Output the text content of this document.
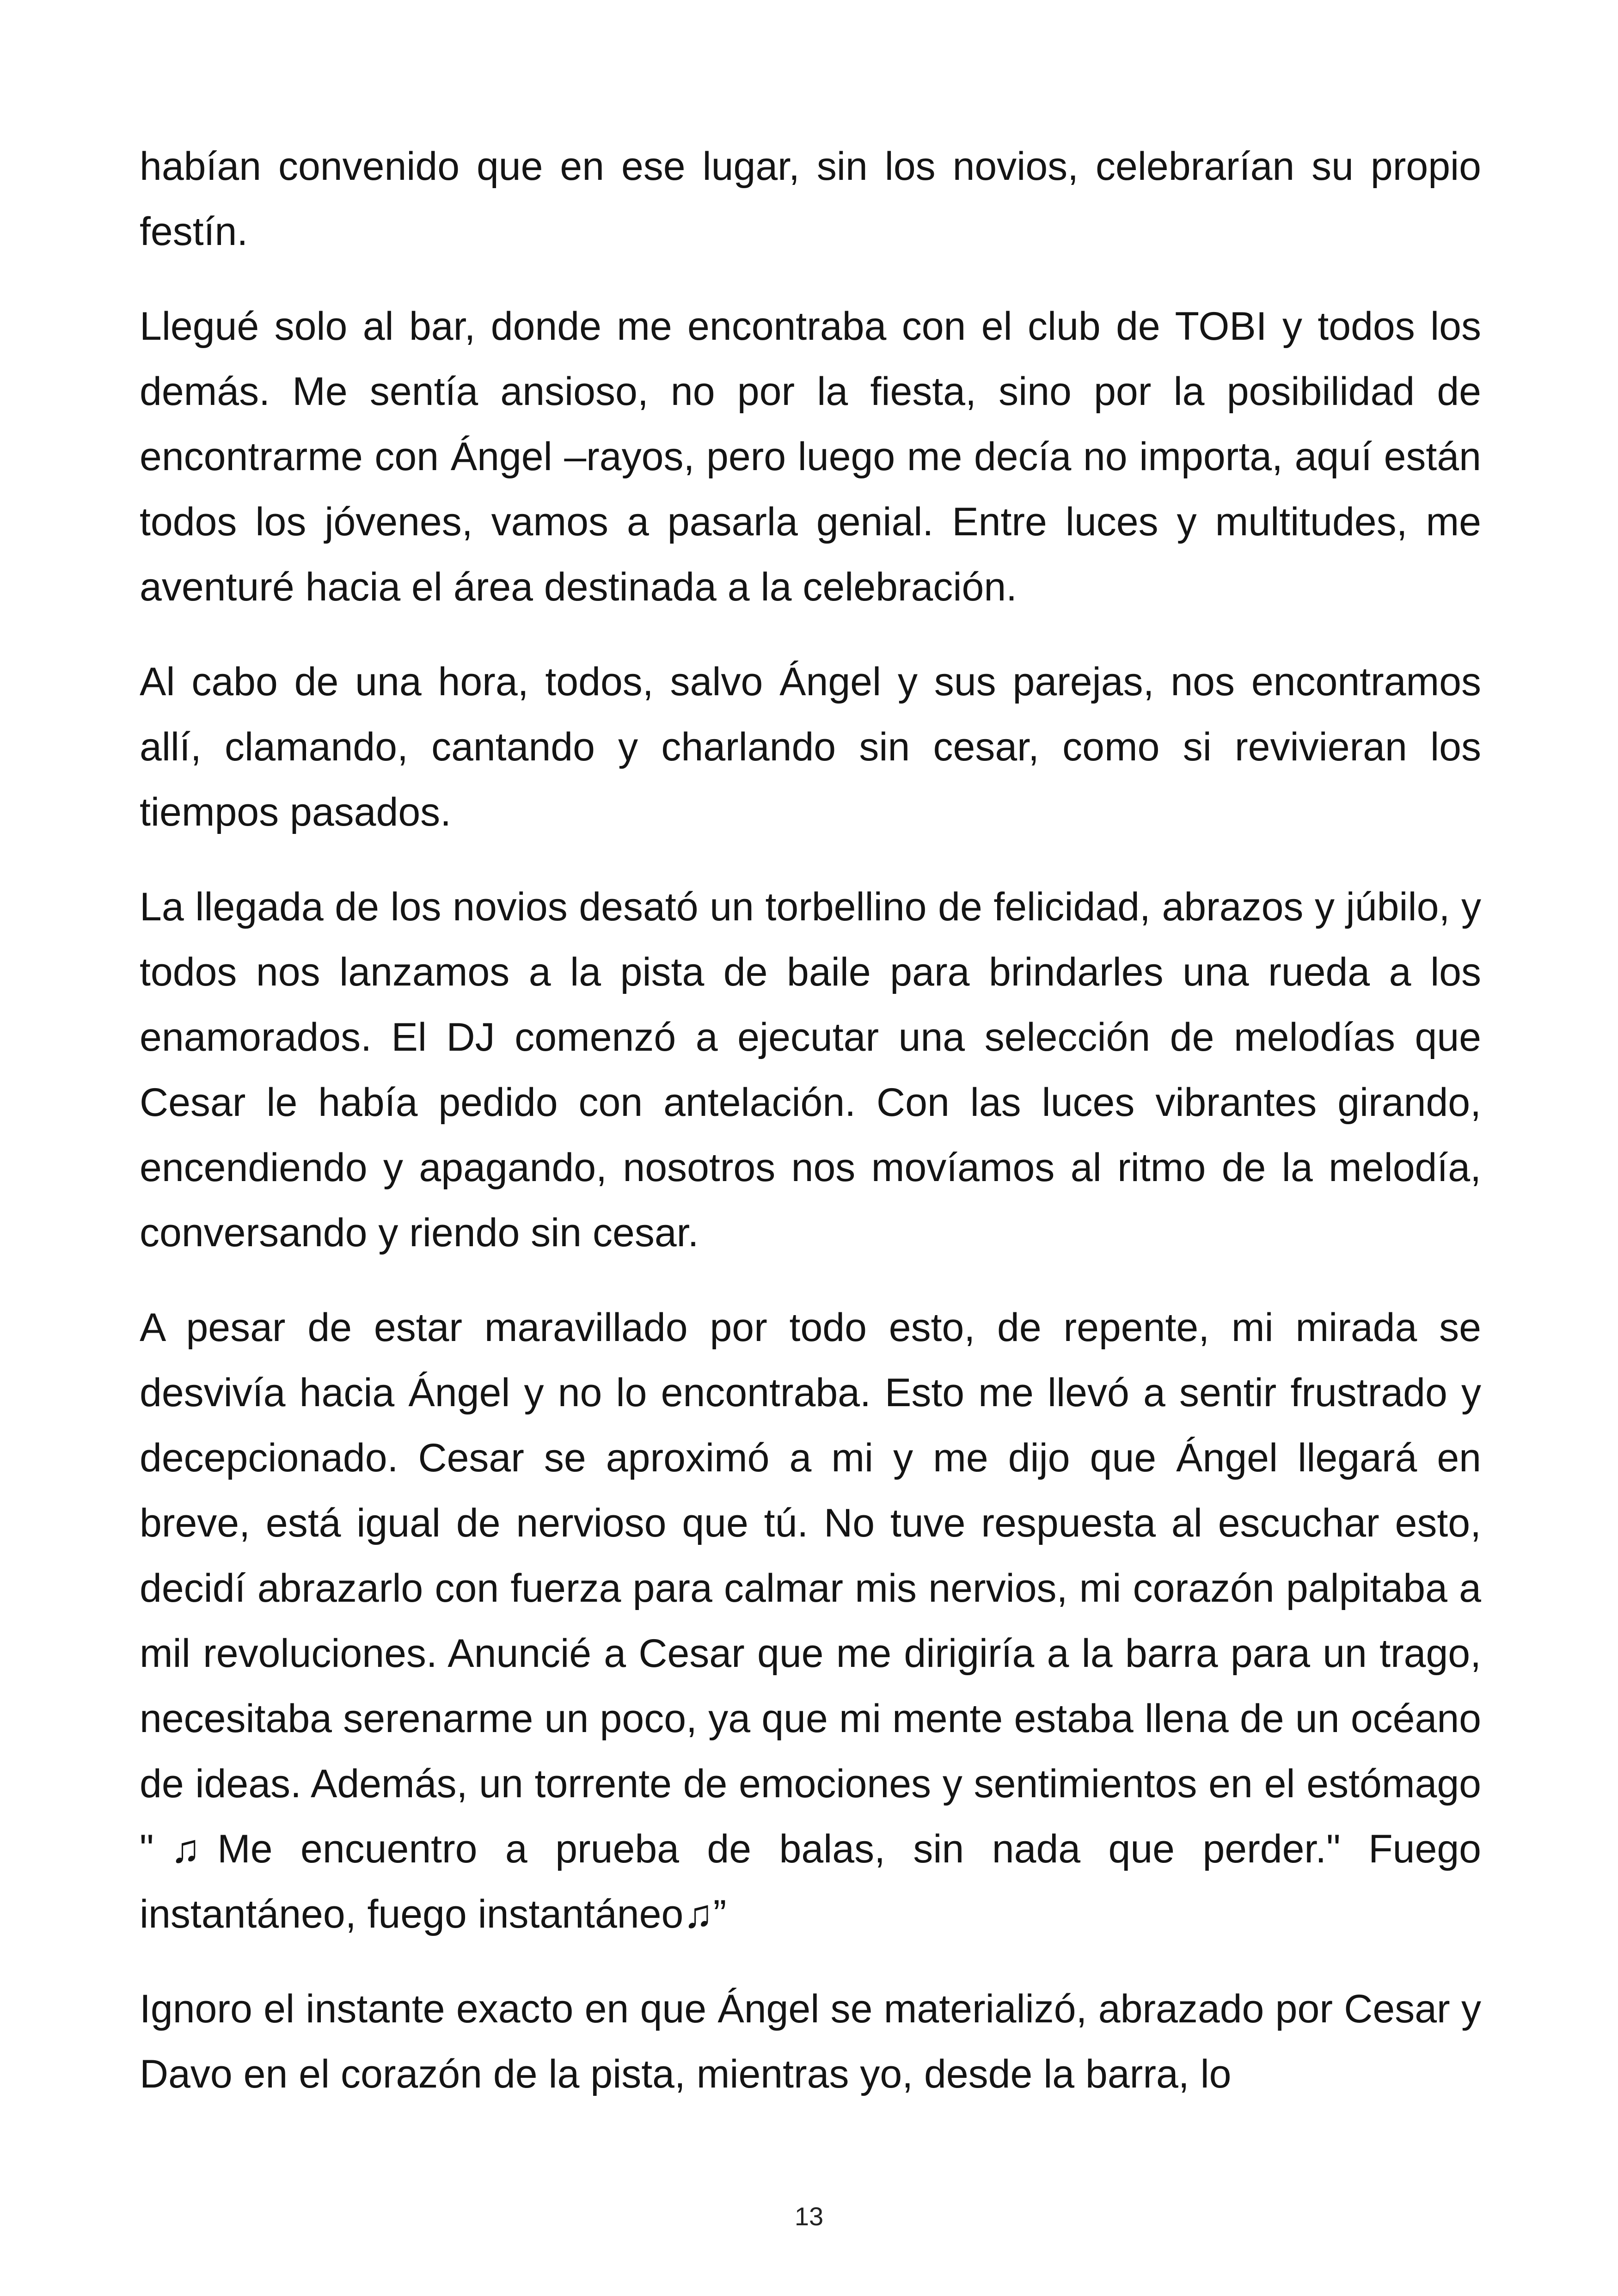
habían convenido que en ese lugar, sin los novios, celebrarían su propio festín.

Llegué solo al bar, donde me encontraba con el club de TOBI y todos los demás. Me sentía ansioso, no por la fiesta, sino por la posibilidad de encontrarme con Ángel –rayos, pero luego me decía no importa, aquí están todos los jóvenes, vamos a pasarla genial. Entre luces y multitudes, me aventuré hacia el área destinada a la celebración.

Al cabo de una hora, todos, salvo Ángel y sus parejas, nos encontramos allí, clamando, cantando y charlando sin cesar, como si revivieran los tiempos pasados.

La llegada de los novios desató un torbellino de felicidad, abrazos y júbilo, y todos nos lanzamos a la pista de baile para brindarles una rueda a los enamorados. El DJ comenzó a ejecutar una selección de melodías que Cesar le había pedido con antelación. Con las luces vibrantes girando, encendiendo y apagando, nosotros nos movíamos al ritmo de la melodía, conversando y riendo sin cesar.

A pesar de estar maravillado por todo esto, de repente, mi mirada se desvivía hacia Ángel y no lo encontraba. Esto me llevó a sentir frustrado y decepcionado. Cesar se aproximó a mi y me dijo que Ángel llegará en breve, está igual de nervioso que tú. No tuve respuesta al escuchar esto, decidí abrazarlo con fuerza para calmar mis nervios, mi corazón palpitaba a mil revoluciones. Anuncié a Cesar que me dirigiría a la barra para un trago, necesitaba serenarme un poco, ya que mi mente estaba llena de un océano de ideas. Además, un torrente de emociones y sentimientos en el estómago "♫Me encuentro a prueba de balas, sin nada que perder." Fuego instantáneo, fuego instantáneo♫”

Ignoro el instante exacto en que Ángel se materializó, abrazado por Cesar y Davo en el corazón de la pista, mientras yo, desde la barra, lo

13
